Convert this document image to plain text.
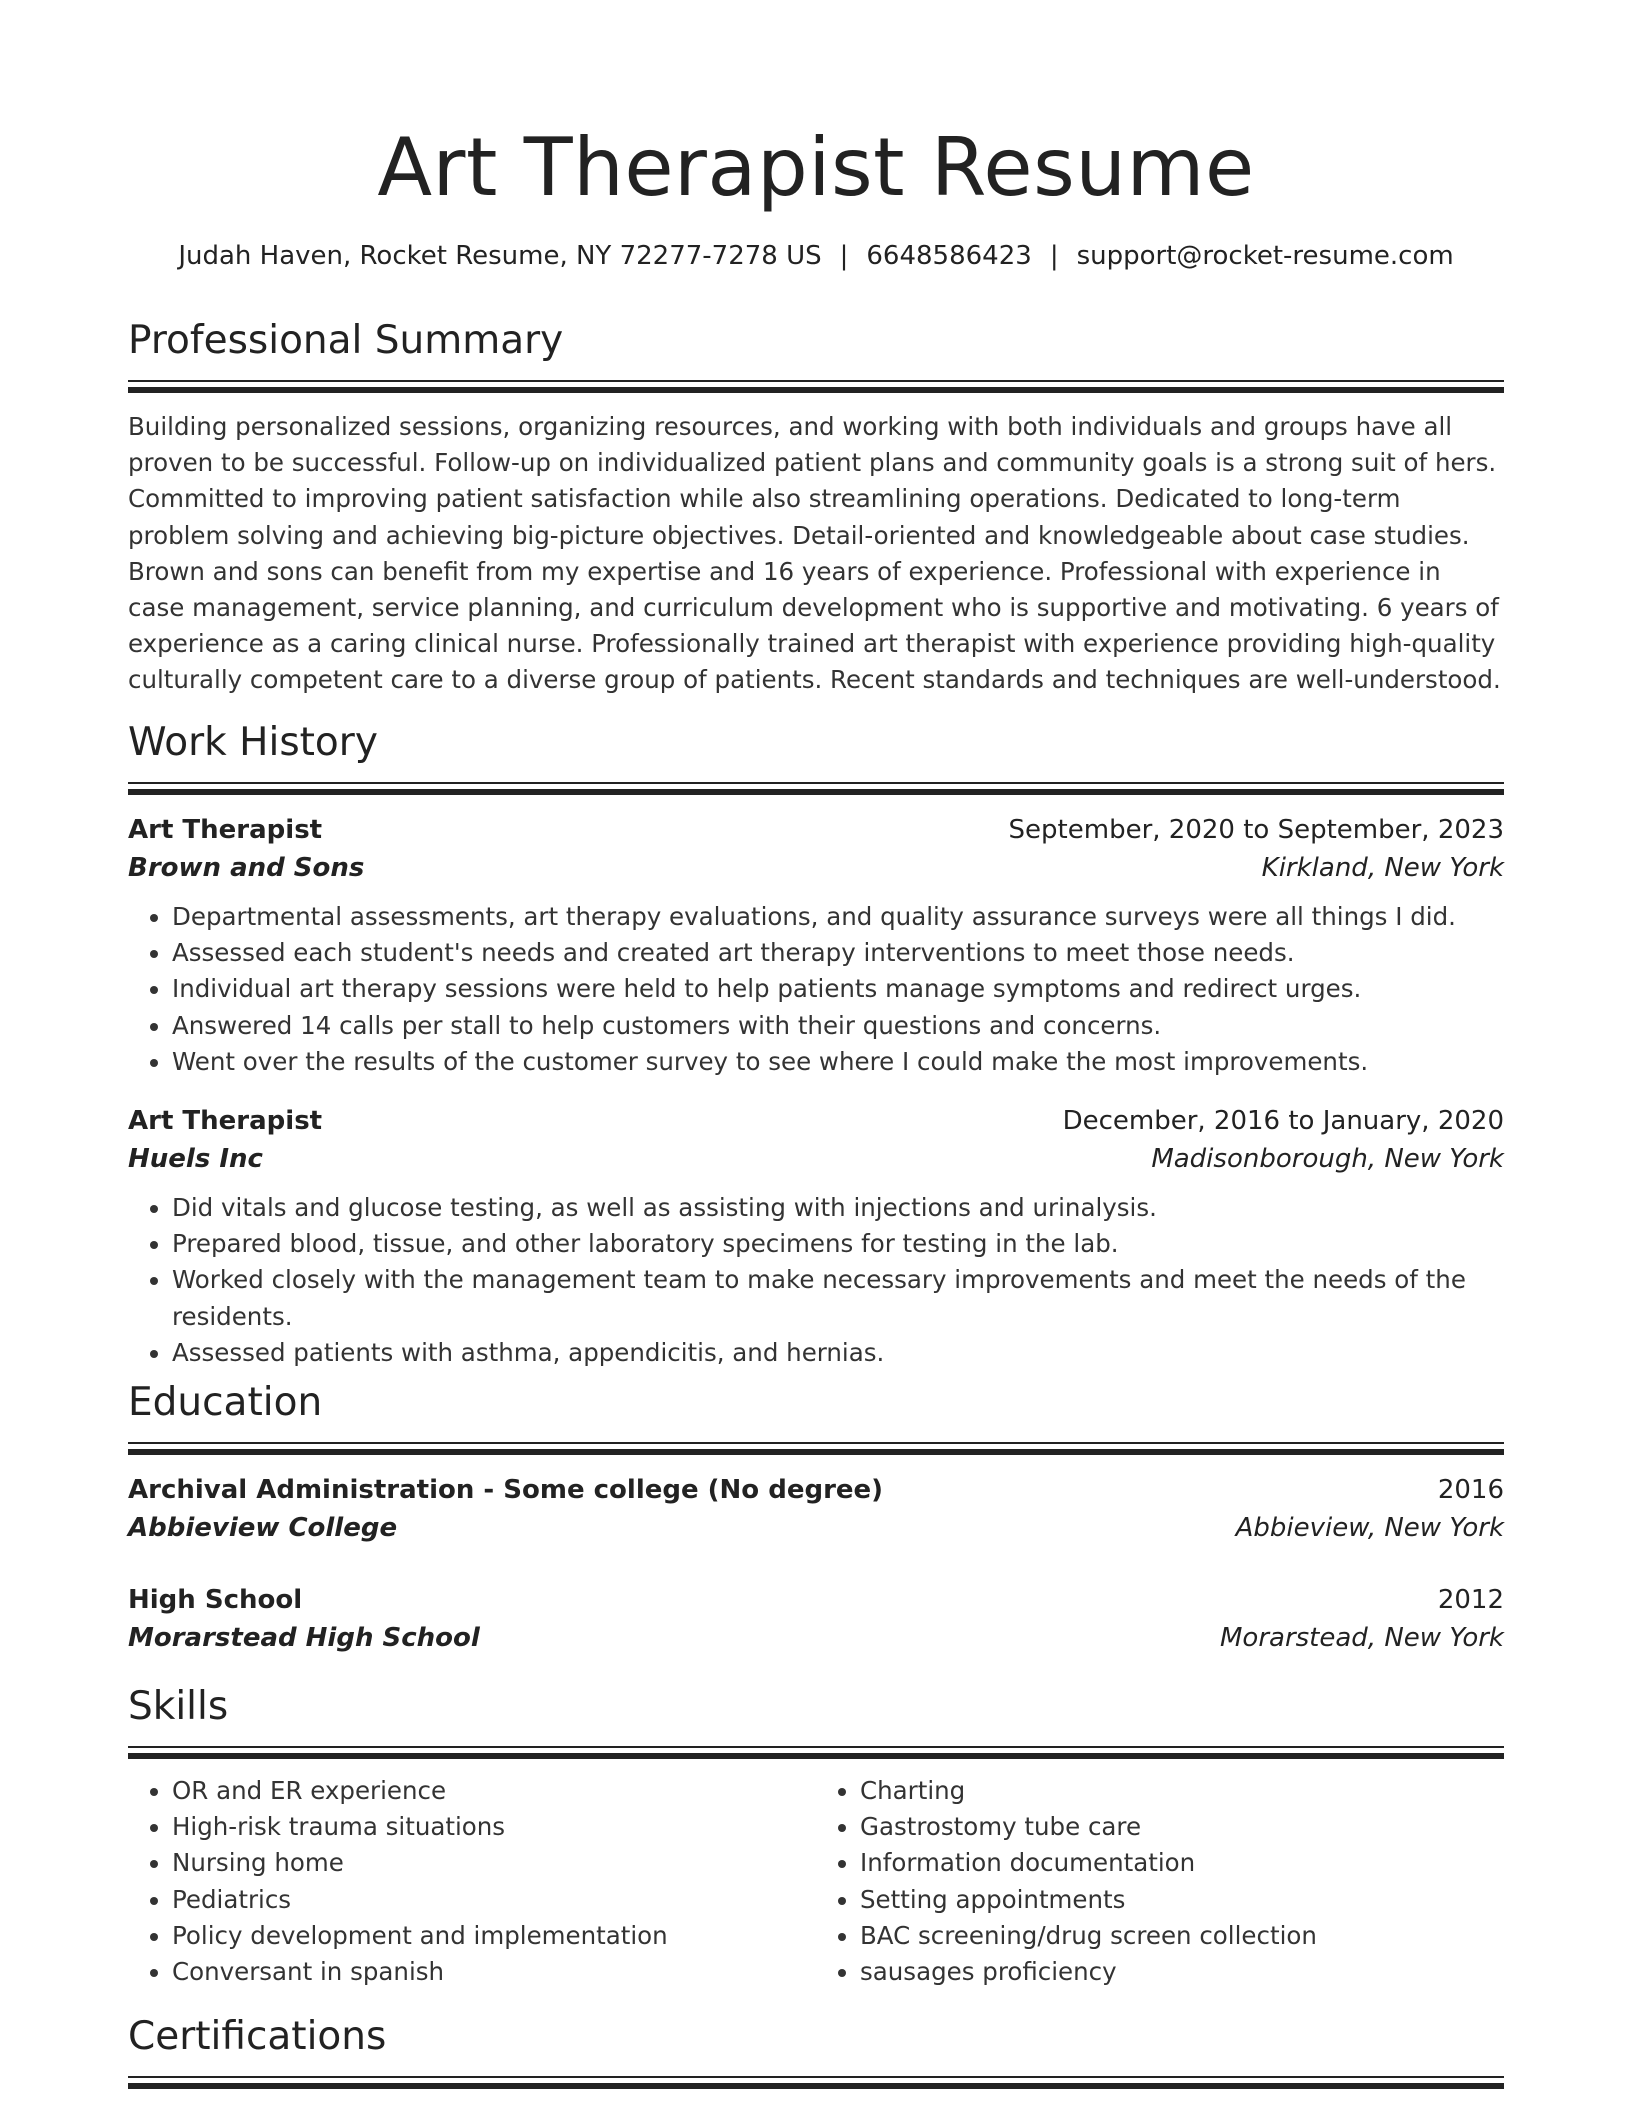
Art Therapist Resume
Judah Haven, Rocket Resume, NY 72277-7278 US | 6648586423 | support@rocket-resume.com
Professional Summary
Building personalized sessions, organizing resources, and working with both individuals and groups have all proven to be successful. Follow-up on individualized patient plans and community goals is a strong suit of hers. Committed to improving patient satisfaction while also streamlining operations. Dedicated to long-term problem solving and achieving big-picture objectives. Detail-oriented and knowledgeable about case studies. Brown and sons can benefit from my expertise and 16 years of experience. Professional with experience in case management, service planning, and curriculum development who is supportive and motivating. 6 years of experience as a caring clinical nurse. Professionally trained art therapist with experience providing high-quality culturally competent care to a diverse group of patients. Recent standards and techniques are well-understood.
Work History
Art Therapist	September, 2020 to September, 2023
Brown and Sons	Kirkland, New York
• Departmental assessments, art therapy evaluations, and quality assurance surveys were all things I did.
• Assessed each student's needs and created art therapy interventions to meet those needs.
• Individual art therapy sessions were held to help patients manage symptoms and redirect urges.
• Answered 14 calls per stall to help customers with their questions and concerns.
• Went over the results of the customer survey to see where I could make the most improvements.
Art Therapist	December, 2016 to January, 2020
Huels Inc	Madisonborough, New York
• Did vitals and glucose testing, as well as assisting with injections and urinalysis.
• Prepared blood, tissue, and other laboratory specimens for testing in the lab.
• Worked closely with the management team to make necessary improvements and meet the needs of the residents.
• Assessed patients with asthma, appendicitis, and hernias.
Education
Archival Administration - Some college (No degree)	2016
Abbieview College	Abbieview, New York
High School	2012
Morarstead High School	Morarstead, New York
Skills
• OR and ER experience
• High-risk trauma situations
• Nursing home
• Pediatrics
• Policy development and implementation
• Conversant in spanish
• Charting
• Gastrostomy tube care
• Information documentation
• Setting appointments
• BAC screening/drug screen collection
• sausages proficiency
Certifications
